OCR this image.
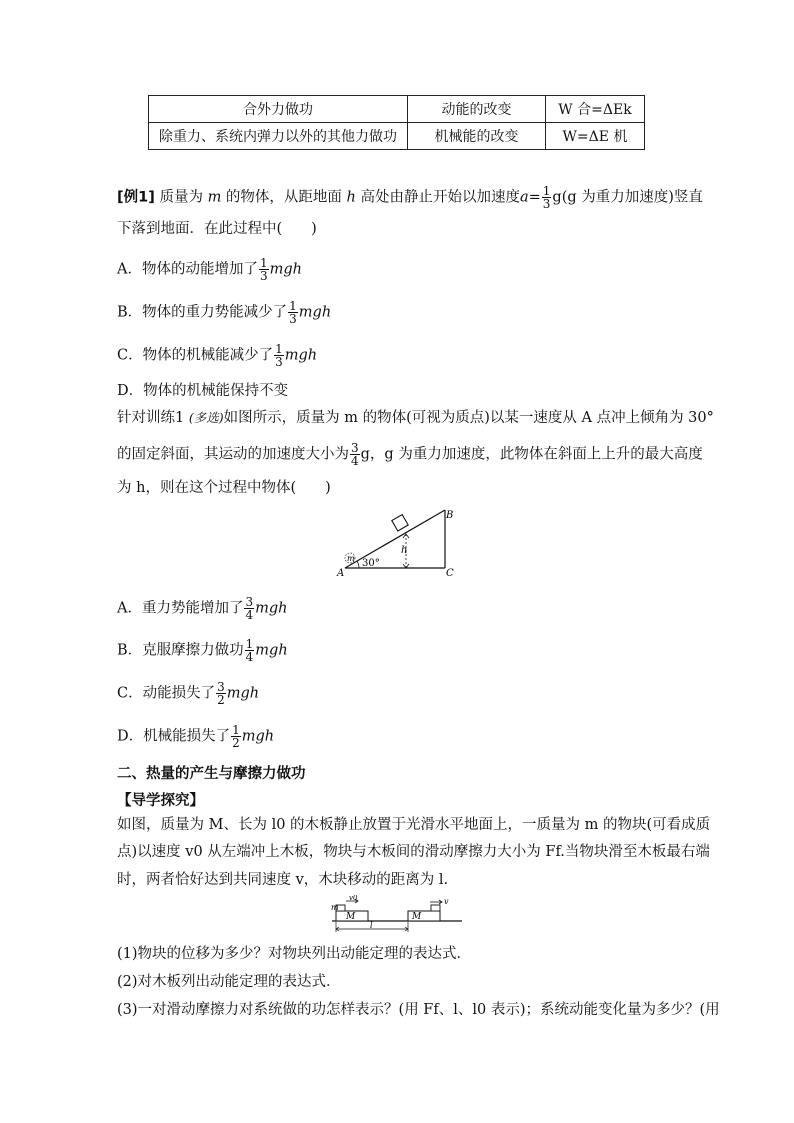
合外力做功	动能的改变	W 合=ΔEk
除重力、系统内弹力以外的其他力做功	机械能的改变	W=ΔE 机
[例1] 质量为 m 的物体，从距地面 h 高处由静止开始以加速度$a= \frac{1}{3} g(g$ 为重力加速度)竖直
下落到地面．在此过程中(　　)
A．物体的动能增加了 $\frac{1}{3}$ mgh
B．物体的重力势能减少了 $\frac{1}{3}$ mgh
C．物体的机械能减少了 $\frac{1}{3}$ mgh
D．物体的机械能保持不变
针对训练1 (多选)如图所示，质量为 m 的物体(可视为质点)以某一速度从 A 点冲上倾角为 30°
的固定斜面，其运动的加速度大小为 $\frac{3}{4}$ g，g 为重力加速度，此物体在斜面上上升的最大高度
为 h，则在这个过程中物体(　　)
h
30°
m
A
B
C
A．重力势能增加了 $\frac{3}{4}$ mgh
B．克服摩擦力做功 $\frac{1}{4}$ mgh
C．动能损失了 $\frac{3}{2}$ mgh
D．机械能损失了 $\frac{1}{2}$ mgh
二、热量的产生与摩擦力做功
【导学探究】
如图，质量为 M、长为 l0 的木板静止放置于光滑水平地面上，一质量为 m 的物块(可看成质
点)以速度 v0 从左端冲上木板，物块与木板间的滑动摩擦力大小为 Ff.当物块滑至木板最右端
时，两者恰好达到共同速度 v，木块移动的距离为 l.
M
m
v0
M
v
l
(1)物块的位移为多少？对物块列出动能定理的表达式．
(2)对木板列出动能定理的表达式．
(3)一对滑动摩擦力对系统做的功怎样表示？(用 Ff、l、l0 表示)；系统动能变化量为多少？(用
